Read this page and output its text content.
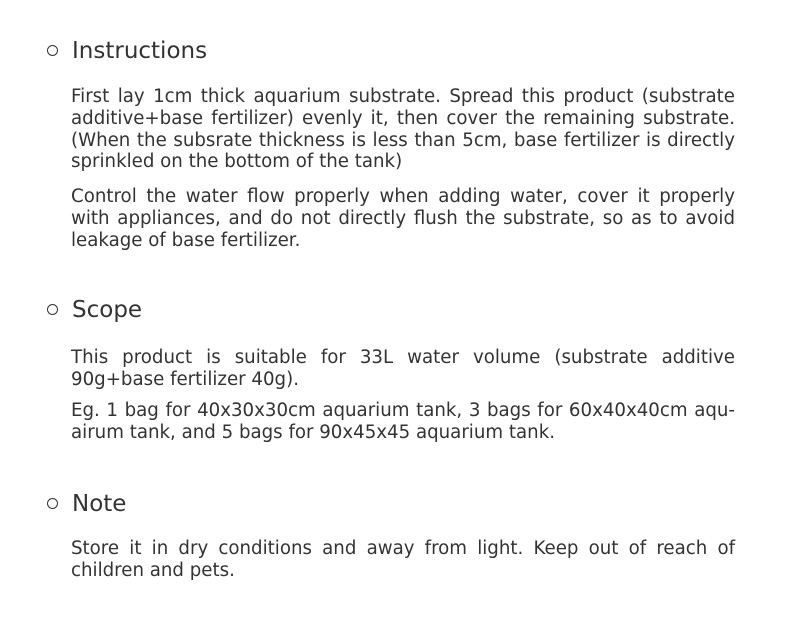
Instructions
First lay 1cm thick aquarium substrate. Spread this product (substrate additive+base fertilizer) evenly it, then cover the remaining substrate. (When the subsrate thickness is less than 5cm, base fertilizer is directly sprinkled on the bottom of the tank)
Control the water flow properly when adding water, cover it properly with appliances, and do not directly flush the substrate, so as to avoid leakage of base fertilizer.
Scope
This product is suitable for 33L water volume (substrate additive 90g+base fertilizer 40g).
Eg. 1 bag for 40x30x30cm aquarium tank, 3 bags for 60x40x40cm aqu-airum tank, and 5 bags for 90x45x45 aquarium tank.
Note
Store it in dry conditions and away from light. Keep out of reach of children and pets.
